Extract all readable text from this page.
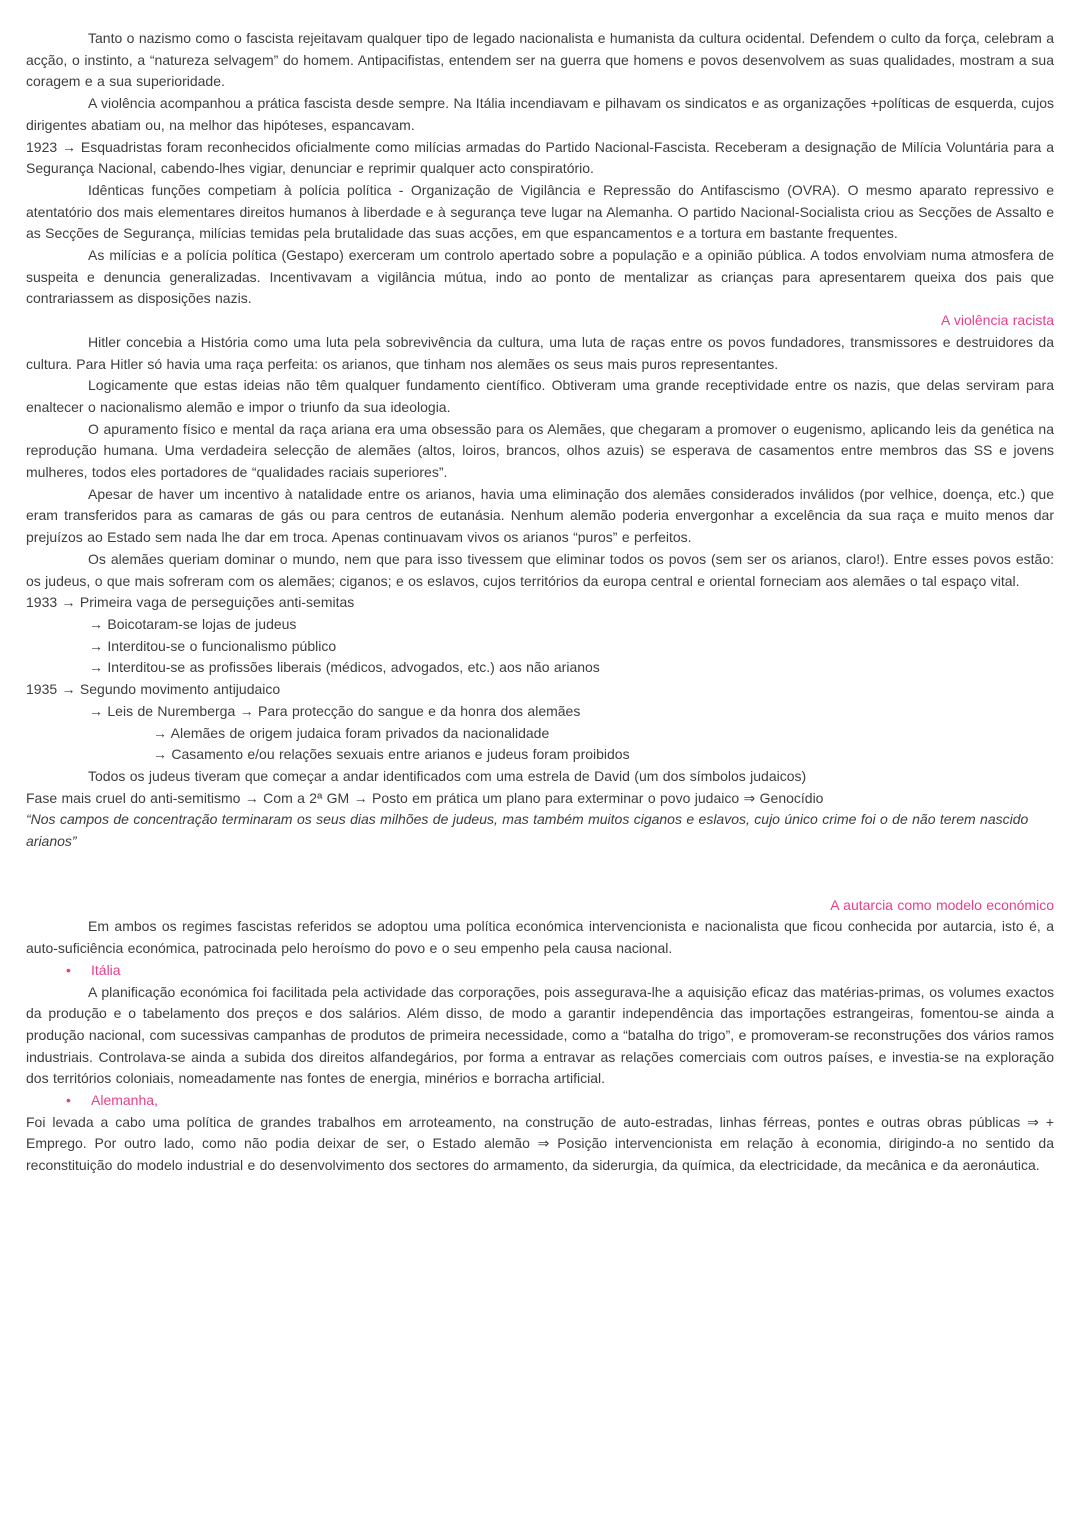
Tanto o nazismo como o fascista rejeitavam qualquer tipo de legado nacionalista e humanista da cultura ocidental. Defendem o culto da força, celebram a acção, o instinto, a “natureza selvagem” do homem. Antipacifistas, entendem ser na guerra que homens e povos desenvolvem as suas qualidades, mostram a sua coragem e a sua superioridade.

A violência acompanhou a prática fascista desde sempre. Na Itália incendiavam e pilhavam os sindicatos e as organizações +políticas de esquerda, cujos dirigentes abatiam ou, na melhor das hipóteses, espancavam.

1923 → Esquadristas foram reconhecidos oficialmente como milícias armadas do Partido Nacional-Fascista. Receberam a designação de Milícia Voluntária para a Segurança Nacional, cabendo-lhes vigiar, denunciar e reprimir qualquer acto conspiratório.

Idênticas funções competiam à polícia política - Organização de Vigilância e Repressão do Antifascismo (OVRA). O mesmo aparato repressivo e atentatório dos mais elementares direitos humanos à liberdade e à segurança teve lugar na Alemanha. O partido Nacional-Socialista criou as Secções de Assalto e as Secções de Segurança, milícias temidas pela brutalidade das suas acções, em que espancamentos e a tortura em bastante frequentes.

As milícias e a polícia política (Gestapo) exerceram um controlo apertado sobre a população e a opinião pública. A todos envolviam numa atmosfera de suspeita e denuncia generalizadas. Incentivavam a vigilância mútua, indo ao ponto de mentalizar as crianças para apresentarem queixa dos pais que contrariassem as disposições nazis.

A violência racista

Hitler concebia a História como uma luta pela sobrevivência da cultura, uma luta de raças entre os povos fundadores, transmissores e destruidores da cultura. Para Hitler só havia uma raça perfeita: os arianos, que tinham nos alemães os seus mais puros representantes.

Logicamente que estas ideias não têm qualquer fundamento científico. Obtiveram uma grande receptividade entre os nazis, que delas serviram para enaltecer o nacionalismo alemão e impor o triunfo da sua ideologia.

O apuramento físico e mental da raça ariana era uma obsessão para os Alemães, que chegaram a promover o eugenismo, aplicando leis da genética na reprodução humana. Uma verdadeira selecção de alemães (altos, loiros, brancos, olhos azuis) se esperava de casamentos entre membros das SS e jovens mulheres, todos eles portadores de “qualidades raciais superiores”.

Apesar de haver um incentivo à natalidade entre os arianos, havia uma eliminação dos alemães considerados inválidos (por velhice, doença, etc.) que eram transferidos para as camaras de gás ou para centros de eutanásia. Nenhum alemão poderia envergonhar a excelência da sua raça e muito menos dar prejuízos ao Estado sem nada lhe dar em troca. Apenas continuavam vivos os arianos “puros” e perfeitos.

Os alemães queriam dominar o mundo, nem que para isso tivessem que eliminar todos os povos (sem ser os arianos, claro!). Entre esses povos estão: os judeus, o que mais sofreram com os alemães; ciganos; e os eslavos, cujos territórios da europa central e oriental forneciam aos alemães o tal espaço vital.

1933 → Primeira vaga de perseguições anti-semitas

→ Boicotaram-se lojas de judeus

→ Interditou-se o funcionalismo público

→ Interditou-se as profissões liberais (médicos, advogados, etc.) aos não arianos

1935 → Segundo movimento antijudaico

→ Leis de Nuremberga → Para protecção do sangue e da honra dos alemães

→ Alemães de origem judaica foram privados da nacionalidade

→ Casamento e/ou relações sexuais entre arianos e judeus foram proibidos

Todos os judeus tiveram que começar a andar identificados com uma estrela de David (um dos símbolos judaicos)

Fase mais cruel do anti-semitismo → Com a 2ª GM → Posto em prática um plano para exterminar o povo judaico ⇒ Genocídio

“Nos campos de concentração terminaram os seus dias milhões de judeus, mas também muitos ciganos e eslavos, cujo único crime foi o de não terem nascido arianos”

A autarcia como modelo económico

Em ambos os regimes fascistas referidos se adoptou uma política económica intervencionista e nacionalista que ficou conhecida por autarcia, isto é, a auto-suficiência económica, patrocinada pelo heroísmo do povo e o seu empenho pela causa nacional.

• Itália

A planificação económica foi facilitada pela actividade das corporações, pois assegurava-lhe a aquisição eficaz das matérias-primas, os volumes exactos da produção e o tabelamento dos preços e dos salários. Além disso, de modo a garantir independência das importações estrangeiras, fomentou-se ainda a produção nacional, com sucessivas campanhas de produtos de primeira necessidade, como a “batalha do trigo”, e promoveram-se reconstruções dos vários ramos industriais. Controlava-se ainda a subida dos direitos alfandegários, por forma a entravar as relações comerciais com outros países, e investia-se na exploração dos territórios coloniais, nomeadamente nas fontes de energia, minérios e borracha artificial.

• Alemanha,

Foi levada a cabo uma política de grandes trabalhos em arroteamento, na construção de auto-estradas, linhas férreas, pontes e outras obras públicas ⇒ + Emprego. Por outro lado, como não podia deixar de ser, o Estado alemão ⇒ Posição intervencionista em relação à economia, dirigindo-a no sentido da reconstituição do modelo industrial e do desenvolvimento dos sectores do armamento, da siderurgia, da química, da electricidade, da mecânica e da aeronáutica.
